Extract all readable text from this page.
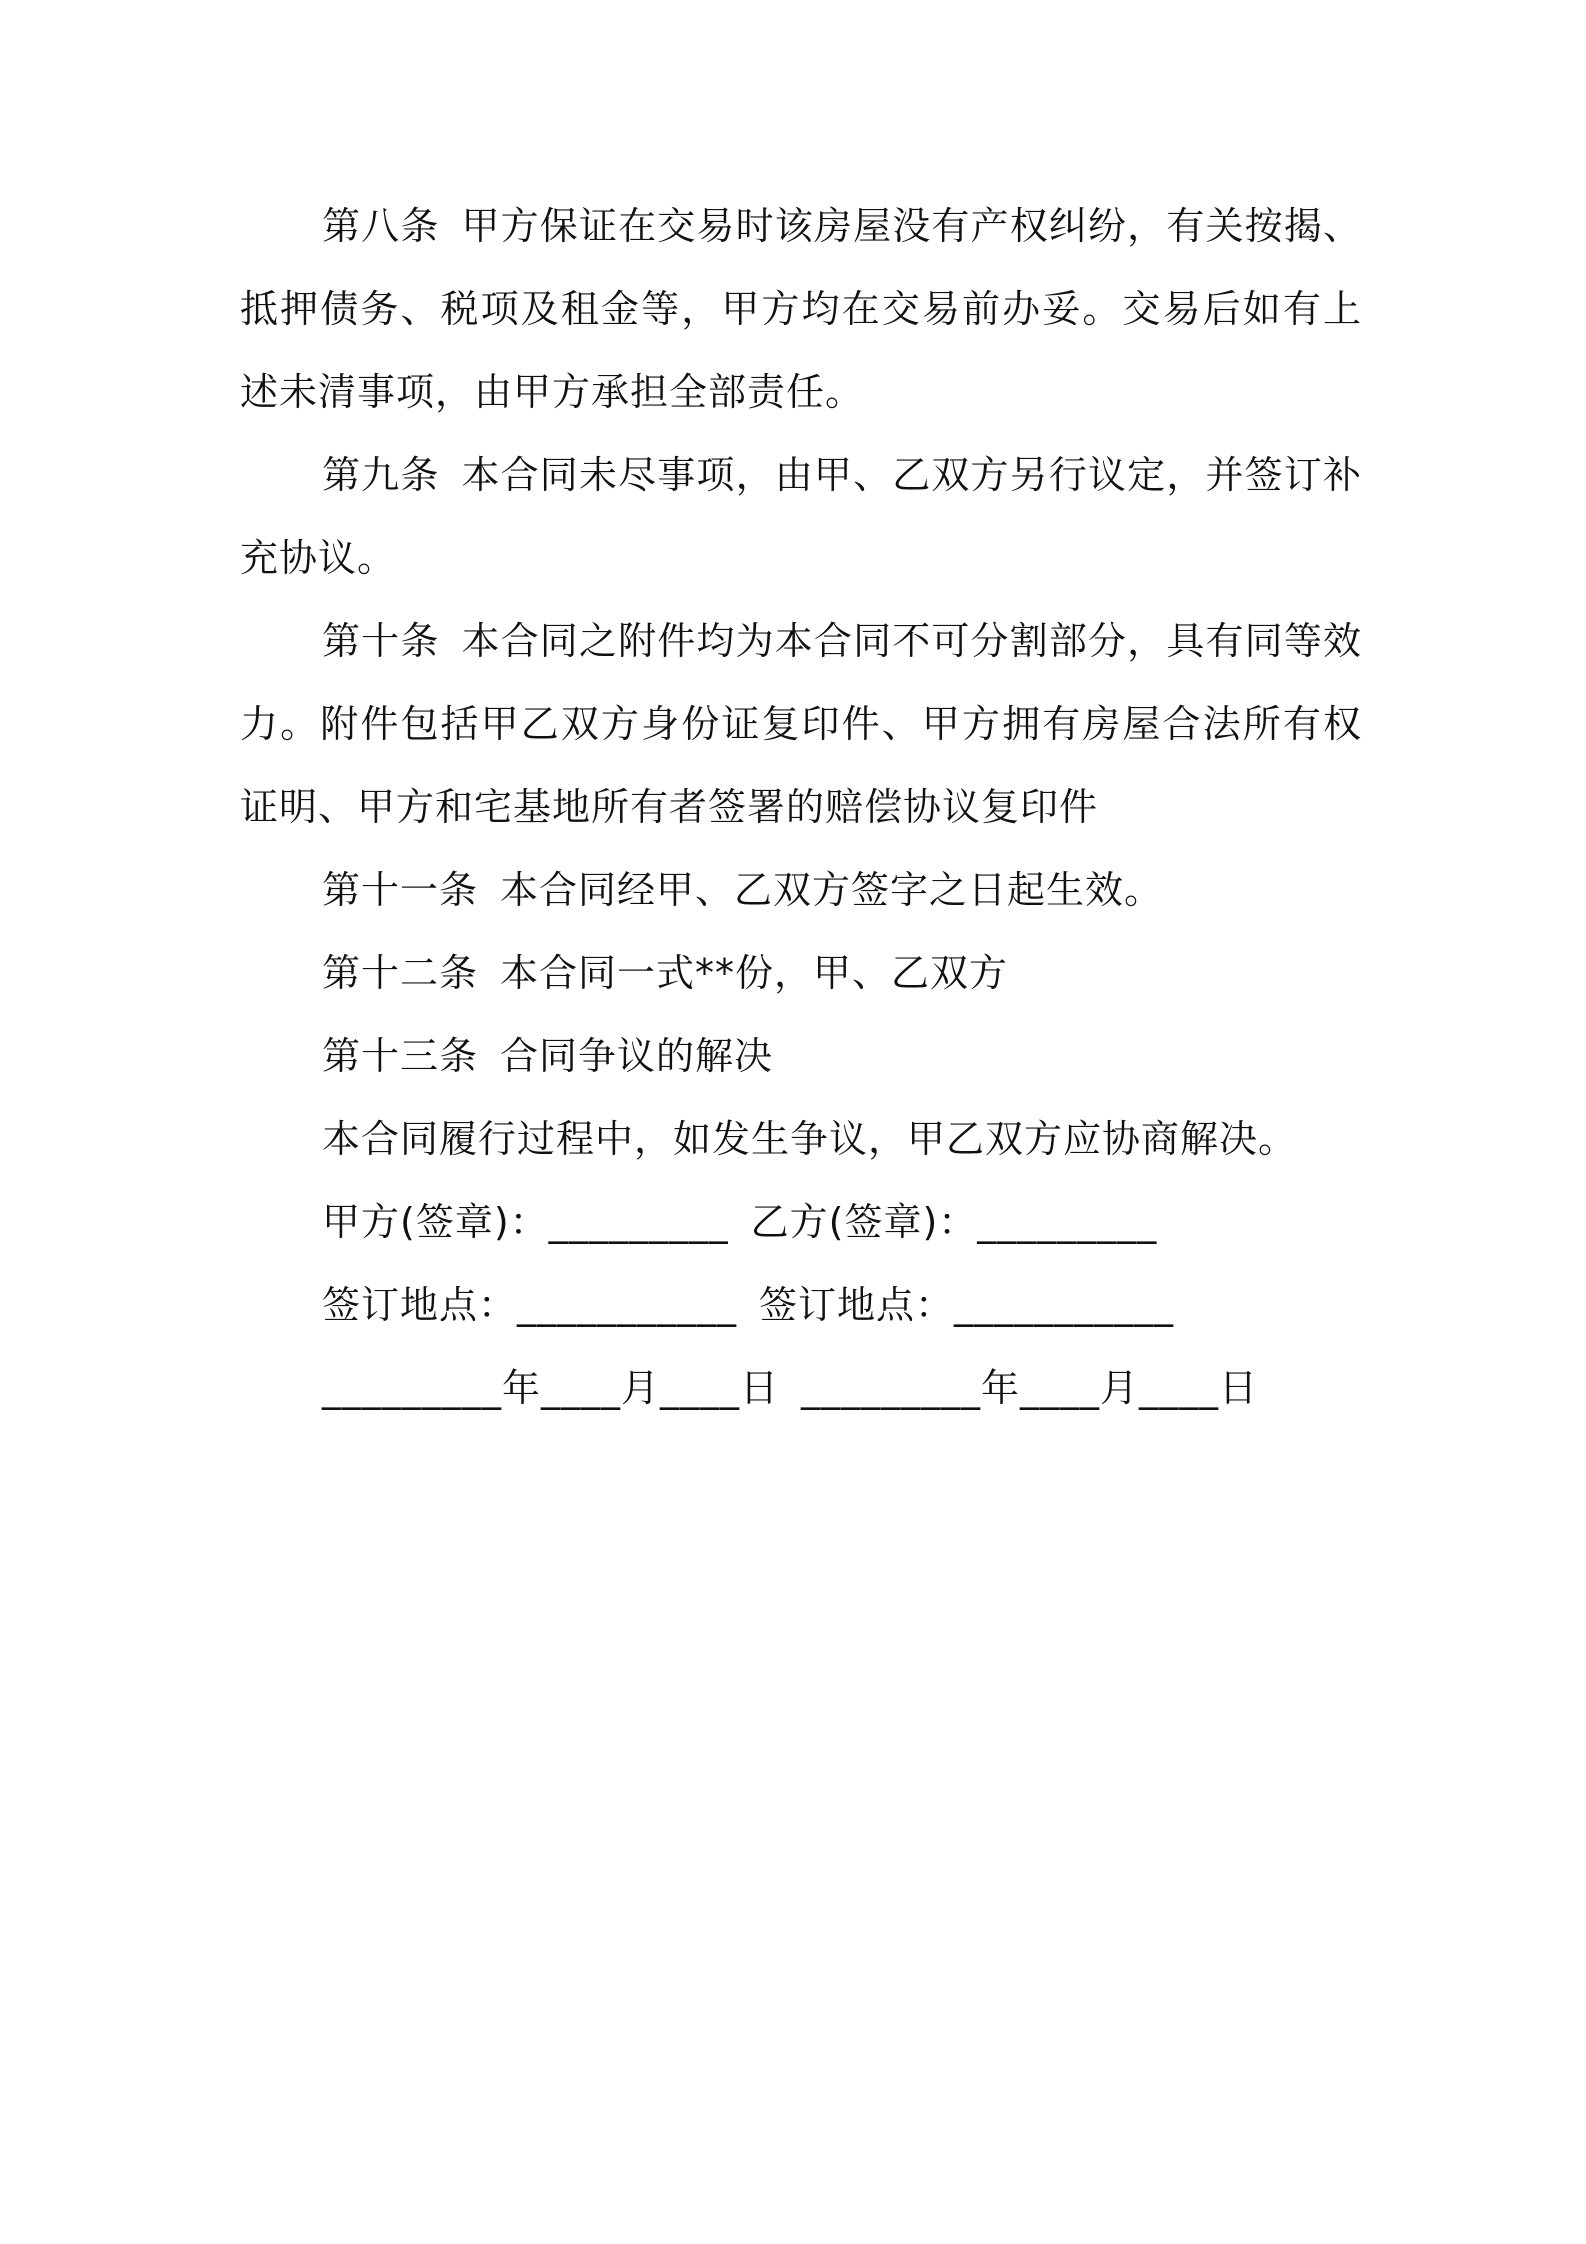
第八条 甲方保证在交易时该房屋没有产权纠纷，有关按揭、抵押债务、税项及租金等，甲方均在交易前办妥。交易后如有上述未清事项，由甲方承担全部责任。

第九条 本合同未尽事项，由甲、乙双方另行议定，并签订补充协议。

第十条 本合同之附件均为本合同不可分割部分，具有同等效力。附件包括甲乙双方身份证复印件、甲方拥有房屋合法所有权证明、甲方和宅基地所有者签署的赔偿协议复印件

第十一条 本合同经甲、乙双方签字之日起生效。

第十二条 本合同一式**份，甲、乙双方

第十三条 合同争议的解决

本合同履行过程中，如发生争议，甲乙双方应协商解决。

甲方(签章)：_________ 乙方(签章)：_________

签订地点：___________ 签订地点：___________

_________年____月____日 _________年____月____日
